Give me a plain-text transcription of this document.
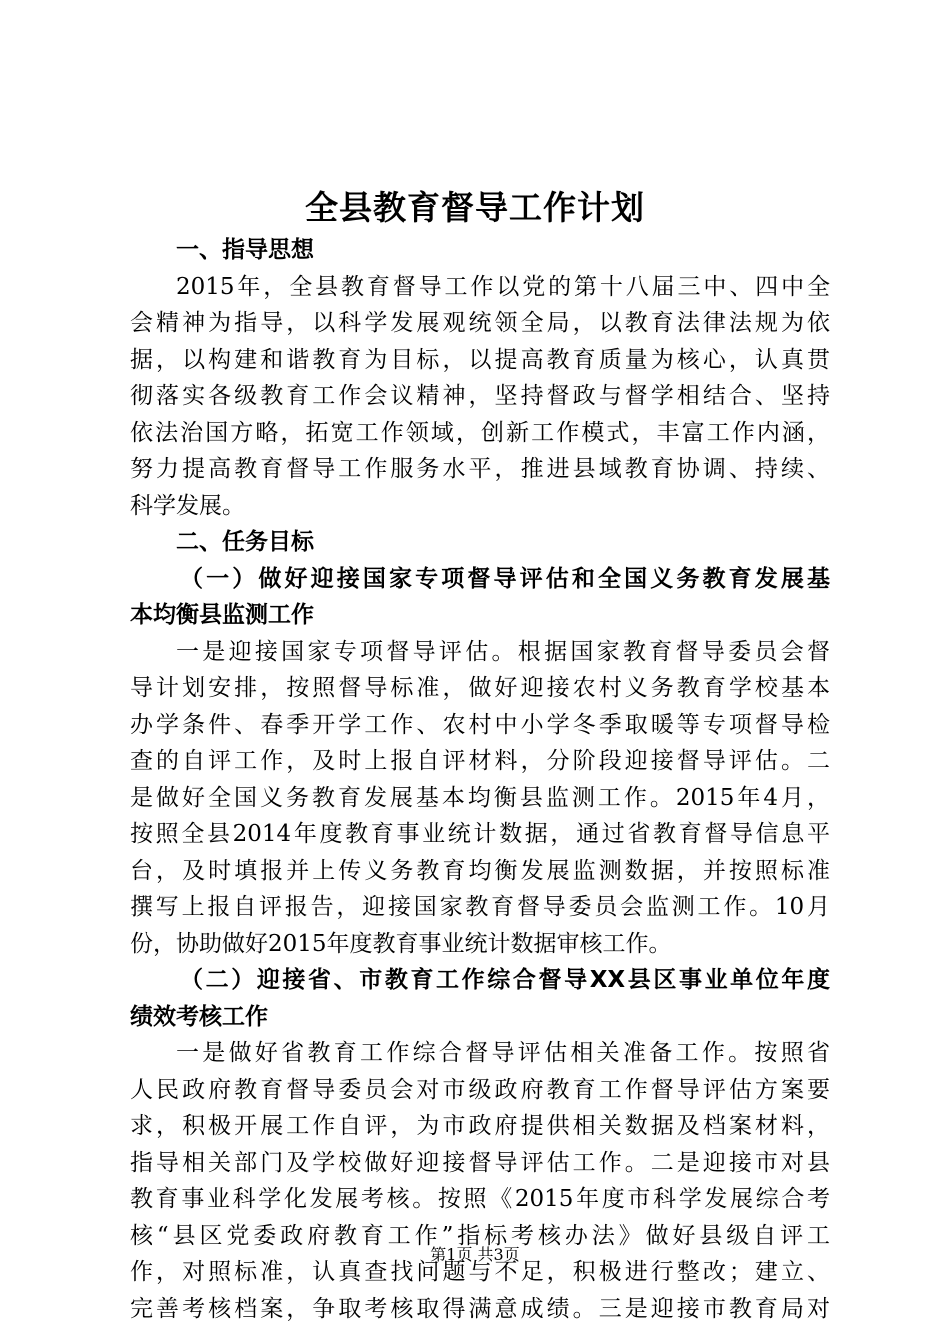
全县教育督导工作计划
一、指导思想
2015年，全县教育督导工作以党的第十八届三中、四中全
会精神为指导，以科学发展观统领全局，以教育法律法规为依
据，以构建和谐教育为目标，以提高教育质量为核心，认真贯
彻落实各级教育工作会议精神，坚持督政与督学相结合、坚持
依法治国方略，拓宽工作领域，创新工作模式，丰富工作内涵，
努力提高教育督导工作服务水平，推进县域教育协调、持续、
科学发展。
二、任务目标
（一）做好迎接国家专项督导评估和全国义务教育发展基
本均衡县监测工作
一是迎接国家专项督导评估。根据国家教育督导委员会督
导计划安排，按照督导标准，做好迎接农村义务教育学校基本
办学条件、春季开学工作、农村中小学冬季取暖等专项督导检
查的自评工作，及时上报自评材料，分阶段迎接督导评估。二
是做好全国义务教育发展基本均衡县监测工作。2015年4月，
按照全县2014年度教育事业统计数据，通过省教育督导信息平
台，及时填报并上传义务教育均衡发展监测数据，并按照标准
撰写上报自评报告，迎接国家教育督导委员会监测工作。10月
份，协助做好2015年度教育事业统计数据审核工作。
（二）迎接省、市教育工作综合督导XX县区事业单位年度
绩效考核工作
一是做好省教育工作综合督导评估相关准备工作。按照省
人民政府教育督导委员会对市级政府教育工作督导评估方案要
求，积极开展工作自评，为市政府提供相关数据及档案材料，
指导相关部门及学校做好迎接督导评估工作。二是迎接市对县
教育事业科学化发展考核。按照《2015年度市科学发展综合考
核“县区党委政府教育工作”指标考核办法》做好县级自评工
作，对照标准，认真查找问题与不足，积极进行整改；建立、
完善考核档案，争取考核取得满意成绩。三是迎接市教育局对
第1页 共3页
